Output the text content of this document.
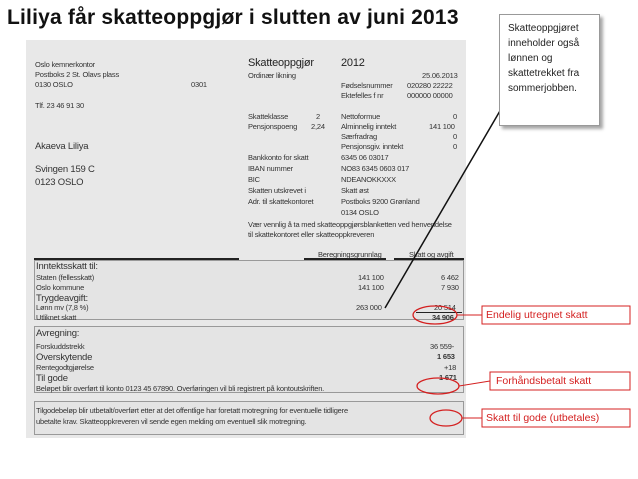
Liliya får skatteoppgjør i slutten av juni 2013
Oslo kemnerkontor
Postboks 2 St. Olavs plass
0130 OSLO	0301
Tlf. 23 46 91 30
Skatteoppgjør 2012
Ordinær likning	25.06.2013
Fødselsnummer 020280 22222
Ektefelles f nr	000000 00000
Akaeva Liliya
Svingen 159 C
0123 OSLO
Skatteklasse	2
Pensjonspoeng 2,24
Nettoformue	0
Alminnelig inntekt	141 100
Særfradrag	0
Pensjonsgiv. inntekt	0
Bankkonto for skatt	6345 06 03017
IBAN nummer	NO83 6345 0603 017
BIC	NDEANOKKXXX
Skatten utskrevet i	Skatt øst
Adr. til skattekontoret	Postboks 9200 Grønland
0134 OSLO
Vær vennlig å ta med skatteoppgjørsblanketten ved henvendelse
til skattekontoret eller skatteoppkreveren
Beregningsgrunnlag	Skatt og avgift
Inntektsskatt til:
Staten (fellesskatt)	141 100	6 462
Oslo kommune	141 100	7 930
Trygdeavgift:
Lønn mv (7,8 %)	263 000	20 514
Utliknet skatt	34 906
Avregning:
Forskuddstrekk	36 559-
Overskytende	1 653
Rentegodtgjørelse	+18
Til gode	1 671
Beløpet blir overført til konto 0123 45 67890. Overføringen vil bli registrert på kontoutskriften.
Tilgodebeløp blir utbetalt/overført etter at det offentlige har foretatt motregning for eventuelle tidligere
ubetalte krav. Skatteoppkreveren vil sende egen melding om eventuell slik motregning.
Endelig utregnet skatt
Forhåndsbetalt skatt
Skatt til gode (utbetales)
Skatteoppgjøret
inneholder også
lønnen og
skattetrekket fra
sommerjobben.
